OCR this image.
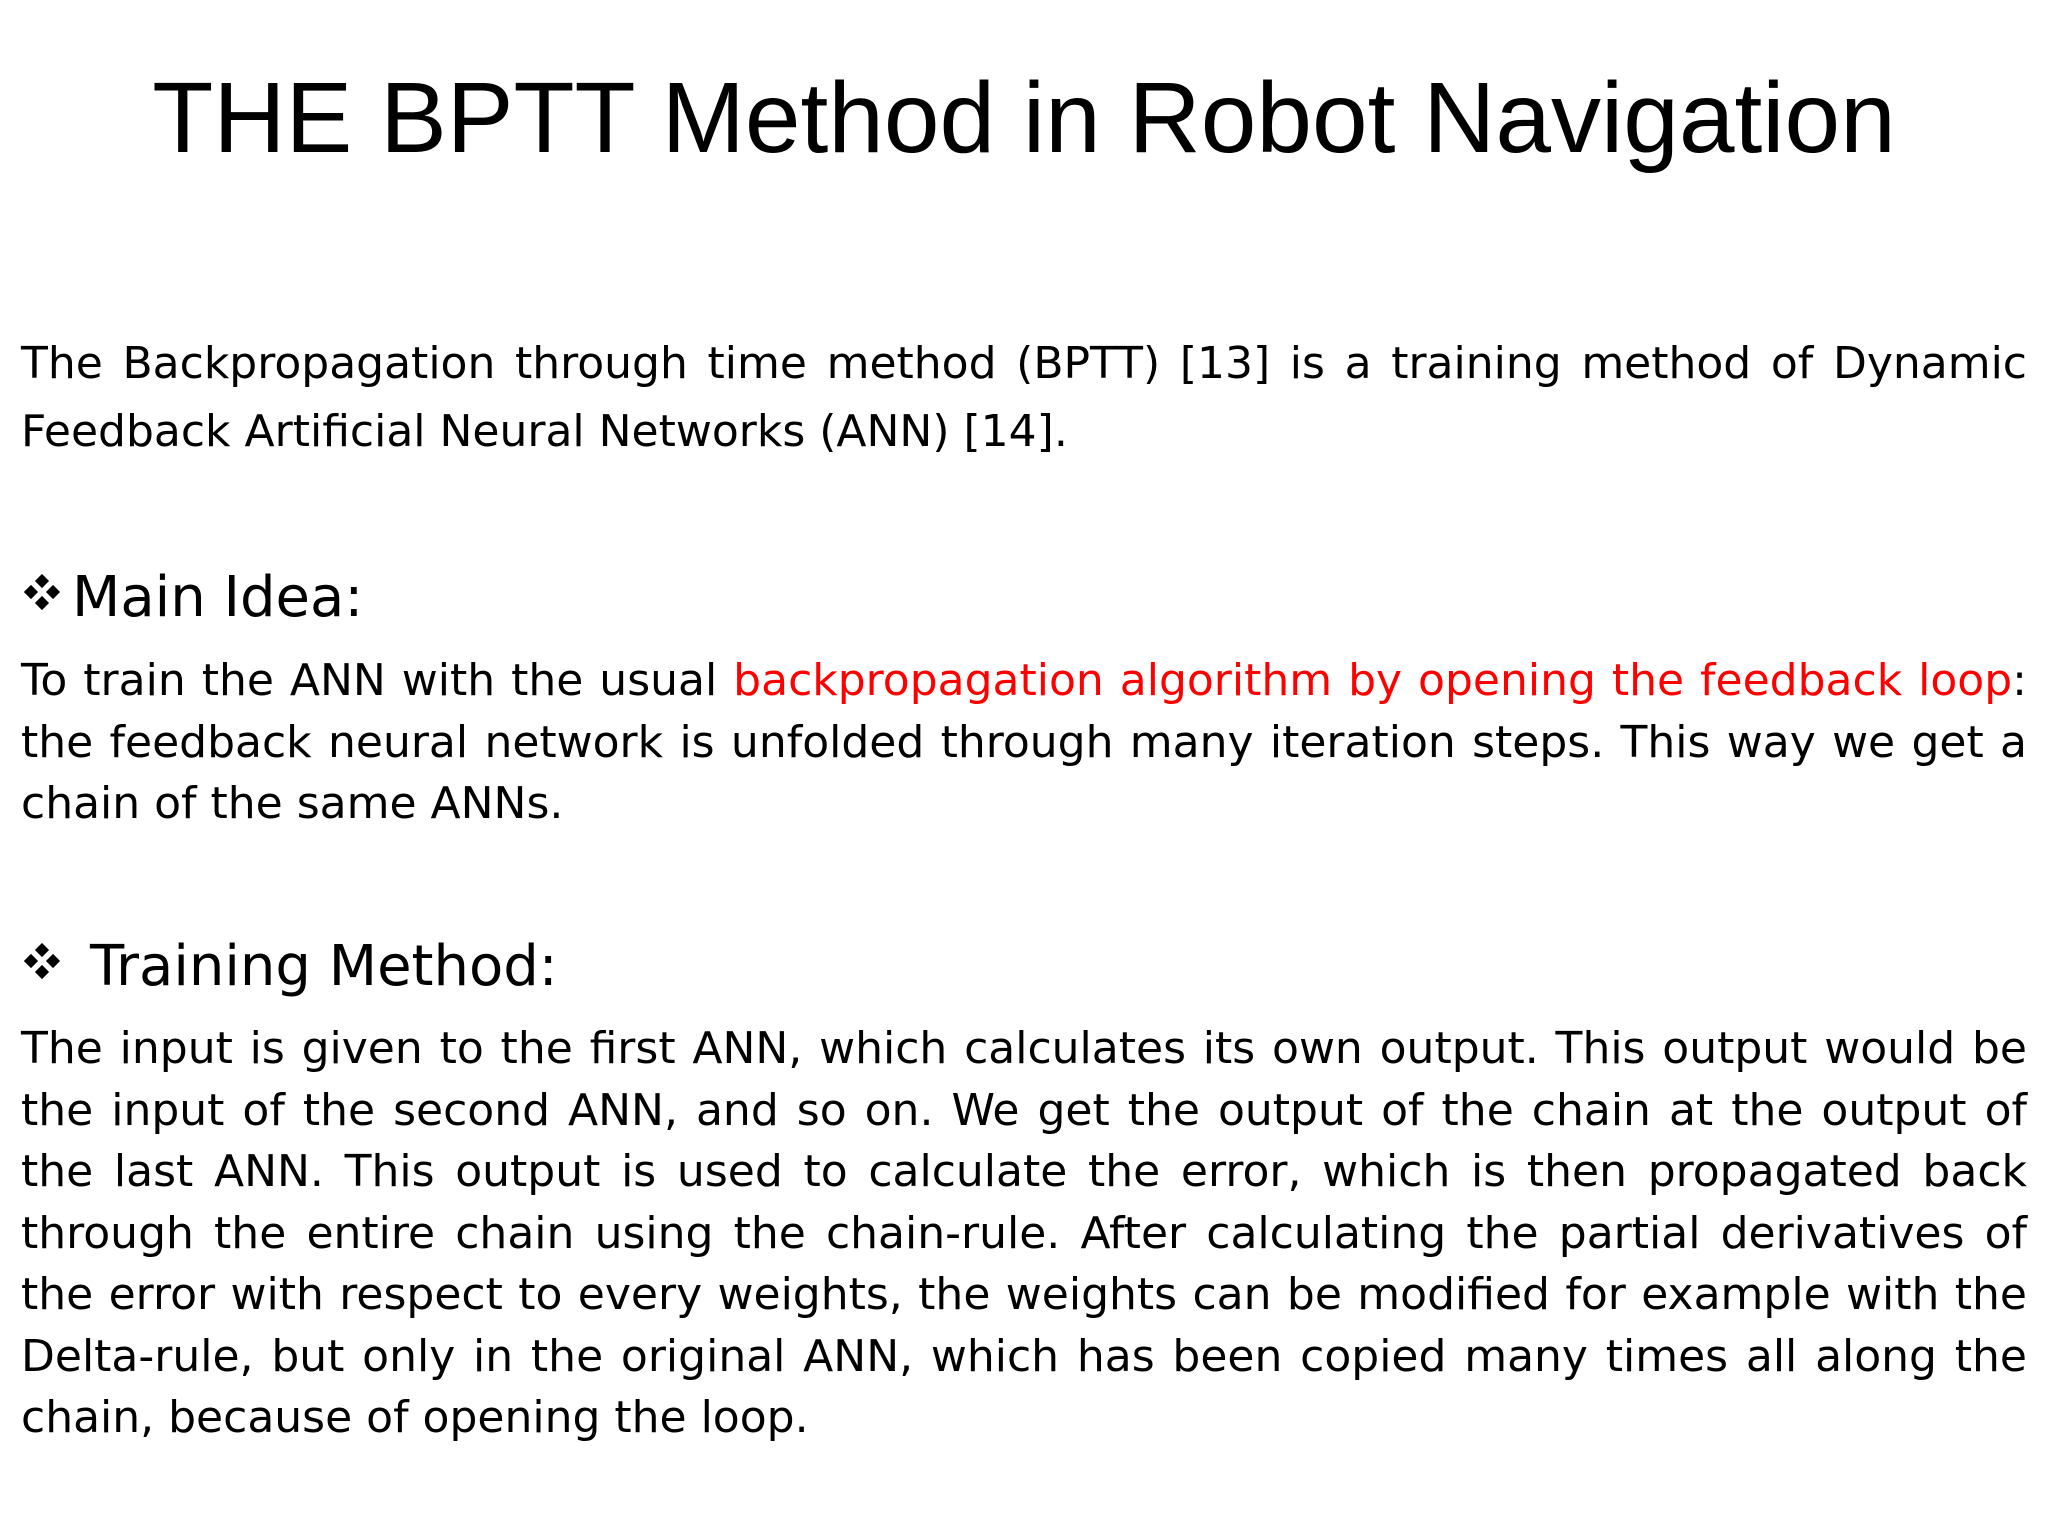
THE BPTT Method in Robot Navigation

The Backpropagation through time method (BPTT) [13] is a training method of Dynamic Feedback Artificial Neural Networks (ANN) [14].

Main Idea:

To train the ANN with the usual backpropagation algorithm by opening the feedback loop: the feedback neural network is unfolded through many iteration steps. This way we get a chain of the same ANNs.

Training Method:

The input is given to the first ANN, which calculates its own output. This output would be the input of the second ANN, and so on. We get the output of the chain at the output of the last ANN. This output is used to calculate the error, which is then propagated back through the entire chain using the chain-rule. After calculating the partial derivatives of the error with respect to every weights, the weights can be modified for example with the Delta-rule, but only in the original ANN, which has been copied many times all along the chain, because of opening the loop.
